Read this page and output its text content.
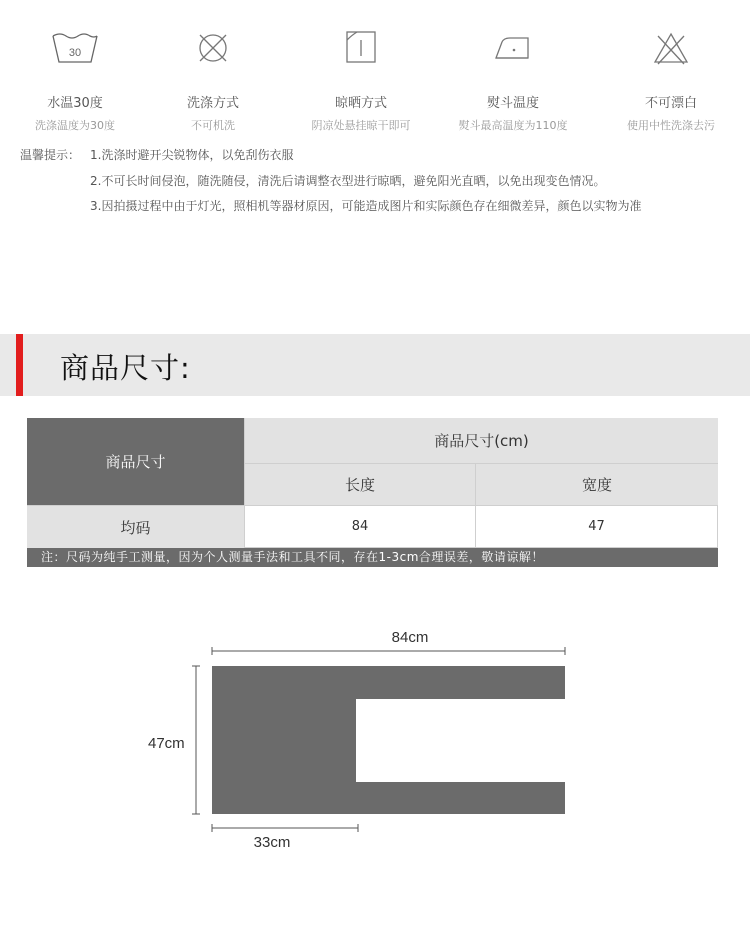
30
水温30度
洗涤温度为30度
洗涤方式
不可机洗
晾晒方式
阴凉处悬挂晾干即可
熨斗温度
熨斗最高温度为110度
不可漂白
使用中性洗涤去污
温馨提示： 1.洗涤时避开尖锐物体，以免刮伤衣服
2.不可长时间侵泡，随洗随侵，清洗后请调整衣型进行晾晒，避免阳光直晒，以免出现变色情况。
3.因拍摄过程中由于灯光，照相机等器材原因，可能造成图片和实际颜色存在细微差异，颜色以实物为准
商品尺寸:
商品尺寸
商品尺寸(cm)
长度	宽度
均码	84	47
注：尺码为纯手工测量，因为个人测量手法和工具不同，存在1-3cm合理误差，敬请谅解！
84cm
47cm
33cm
